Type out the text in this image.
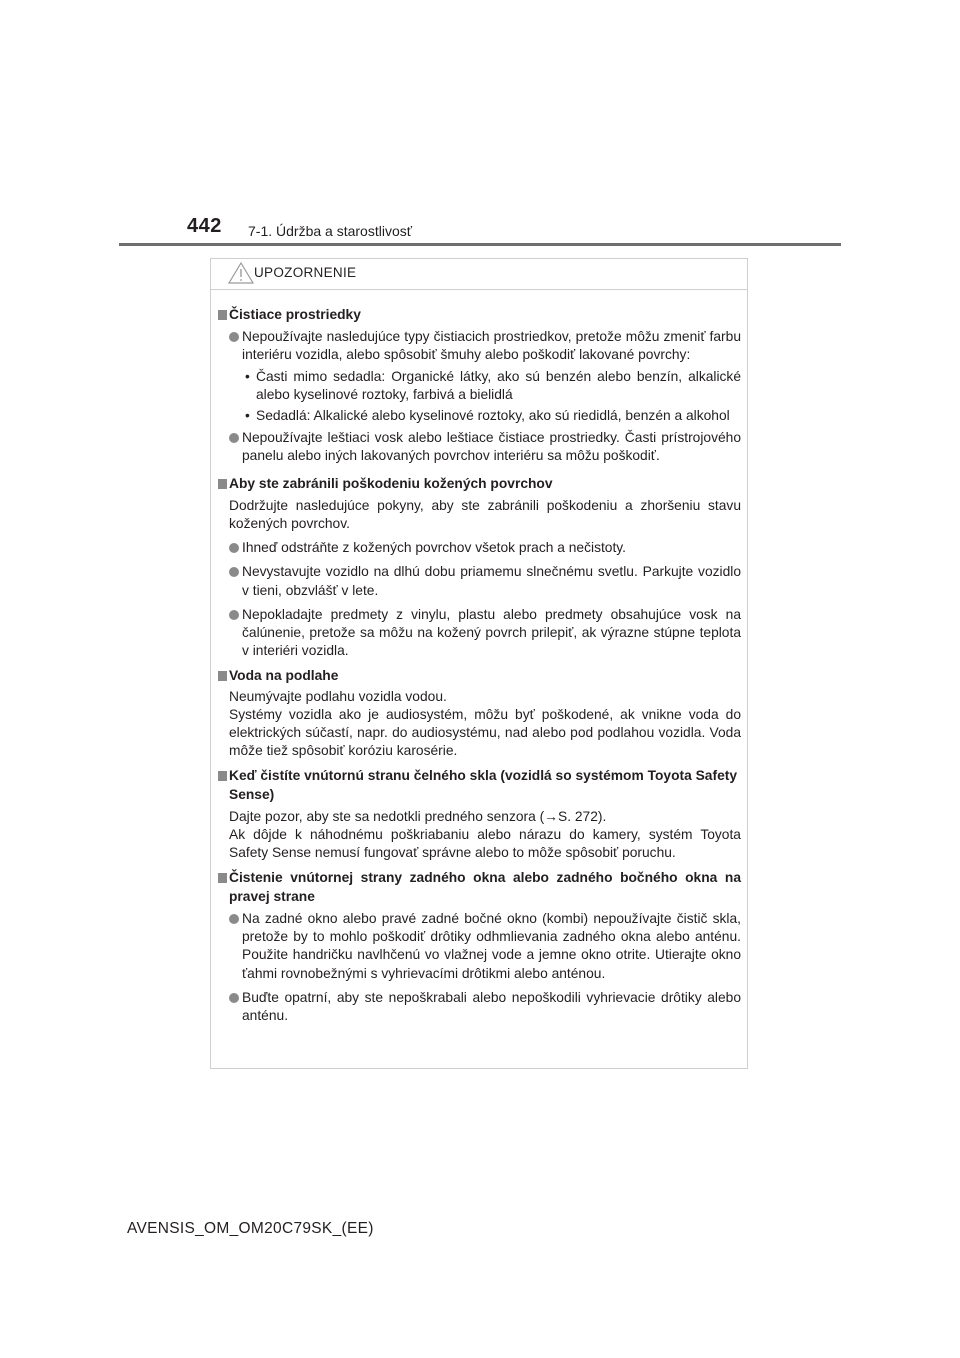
442 7-1. Údržba a starostlivosť
UPOZORNENIE
Čistiace prostriedky
Nepoužívajte nasledujúce typy čistiacich prostriedkov, pretože môžu zmeniť farbu interiéru vozidla, alebo spôsobiť šmuhy alebo poškodiť lakované povrchy:
• Časti mimo sedadla: Organické látky, ako sú benzén alebo benzín, alkalické alebo kyselinové roztoky, farbivá a bielidlá
• Sedadlá: Alkalické alebo kyselinové roztoky, ako sú riedidlá, benzén a alkohol
Nepoužívajte leštiaci vosk alebo leštiace čistiace prostriedky. Časti prístrojového panelu alebo iných lakovaných povrchov interiéru sa môžu poškodiť.
Aby ste zabránili poškodeniu kožených povrchov
Dodržujte nasledujúce pokyny, aby ste zabránili poškodeniu a zhoršeniu stavu kožených povrchov.
Ihneď odstráňte z kožených povrchov všetok prach a nečistoty.
Nevystavujte vozidlo na dlhú dobu priamemu slnečnému svetlu. Parkujte vozidlo v tieni, obzvlášť v lete.
Nepokladajte predmety z vinylu, plastu alebo predmety obsahujúce vosk na čalúnenie, pretože sa môžu na kožený povrch prilepiť, ak výrazne stúpne teplota v interiéri vozidla.
Voda na podlahe
Neumývajte podlahu vozidla vodou.
Systémy vozidla ako je audiosystém, môžu byť poškodené, ak vnikne voda do elektrických súčastí, napr. do audiosystému, nad alebo pod podlahou vozidla. Voda môže tiež spôsobiť koróziu karosérie.
Keď čistíte vnútornú stranu čelného skla (vozidlá so systémom Toyota Safety Sense)
Dajte pozor, aby ste sa nedotkli predného senzora (→S. 272).
Ak dôjde k náhodnému poškriabaniu alebo nárazu do kamery, systém Toyota Safety Sense nemusí fungovať správne alebo to môže spôsobiť poruchu.
Čistenie vnútornej strany zadného okna alebo zadného bočného okna na pravej strane
Na zadné okno alebo pravé zadné bočné okno (kombi) nepoužívajte čistič skla, pretože by to mohlo poškodiť drôtiky odhmlievania zadného okna alebo anténu. Použite handričku navlhčenú vo vlažnej vode a jemne okno otrite. Utierajte okno ťahmi rovnobežnými s vyhrievacími drôtikmi alebo anténou.
Buďte opatrní, aby ste nepoškrabali alebo nepoškodili vyhrievacie drôtiky alebo anténu.
AVENSIS_OM_OM20C79SK_(EE)
